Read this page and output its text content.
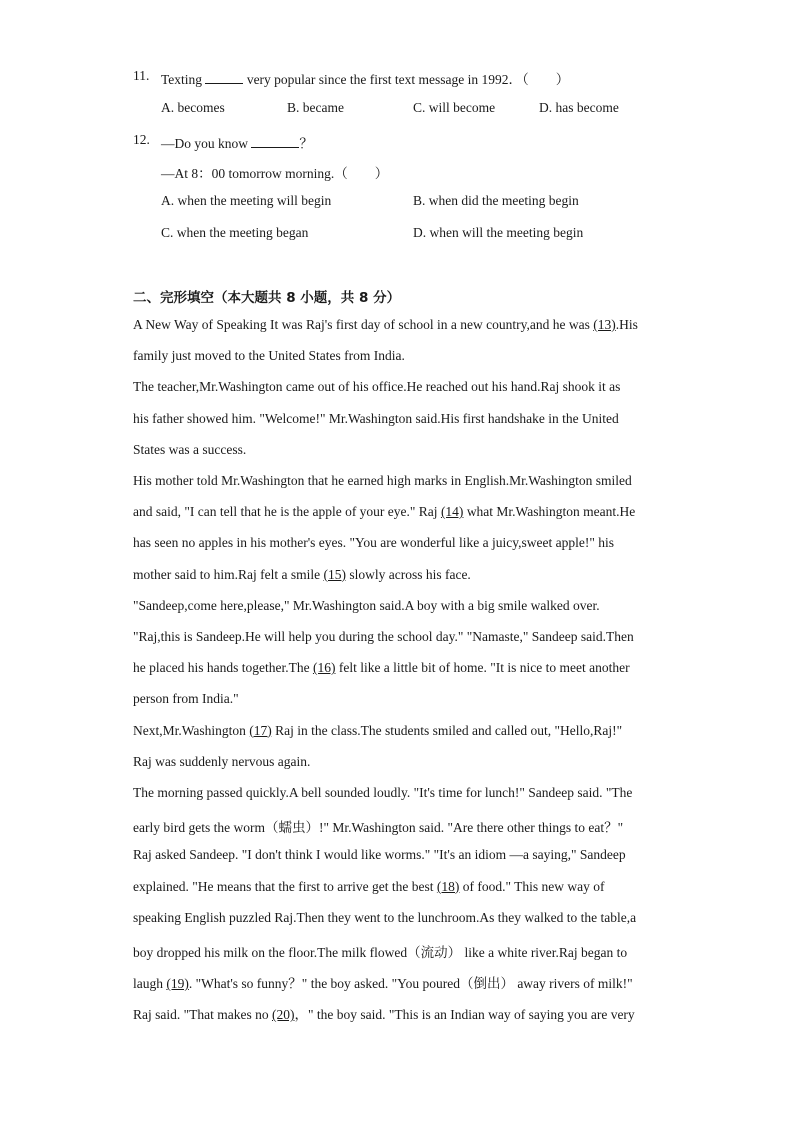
11. Texting	very popular since the first text message in 1992．（　　）
A. becomes	B. became	C. will become	D. has become
12. —Do you know	？
—At 8：00 tomorrow morning.（　　）
A. when the meeting will begin	B. when did the meeting begin
C. when the meeting began	D. when will the meeting begin
二、完形填空（本大题共 8 小题，共 8 分）
A New Way of Speaking It was Raj's first day of school in a new country,and he was (13).His
family just moved to the United States from India.
The teacher,Mr.Washington came out of his office.He reached out his hand.Raj shook it as
his father showed him. "Welcome!" Mr.Washington said.His first handshake in the United
States was a success.
His mother told Mr.Washington that he earned high marks in English.Mr.Washington smiled
and said, "I can tell that he is the apple of your eye." Raj (14) what Mr.Washington meant.He
has seen no apples in his mother's eyes. "You are wonderful like a juicy,sweet apple!" his
mother said to him.Raj felt a smile (15) slowly across his face.
"Sandeep,come here,please," Mr.Washington said.A boy with a big smile walked over.
"Raj,this is Sandeep.He will help you during the school day." "Namaste," Sandeep said.Then
he placed his hands together.The (16) felt like a little bit of home. "It is nice to meet another
person from India."
Next,Mr.Washington (17) Raj in the class.The students smiled and called out, "Hello,Raj!"
Raj was suddenly nervous again.
The morning passed quickly.A bell sounded loudly. "It's time for lunch!" Sandeep said. "The
early bird gets the worm（蠕虫）!" Mr.Washington said. "Are there other things to eat？"
Raj asked Sandeep. "I don't think I would like worms." "It's an idiom —a saying," Sandeep
explained. "He means that the first to arrive get the best (18) of food." This new way of
speaking English puzzled Raj.Then they went to the lunchroom.As they walked to the table,a
boy dropped his milk on the floor.The milk flowed（流动） like a white river.Raj began to
laugh (19). "What's so funny？" the boy asked. "You poured（倒出） away rivers of milk!"
Raj said. "That makes no (20)，" the boy said. "This is an Indian way of saying you are very
